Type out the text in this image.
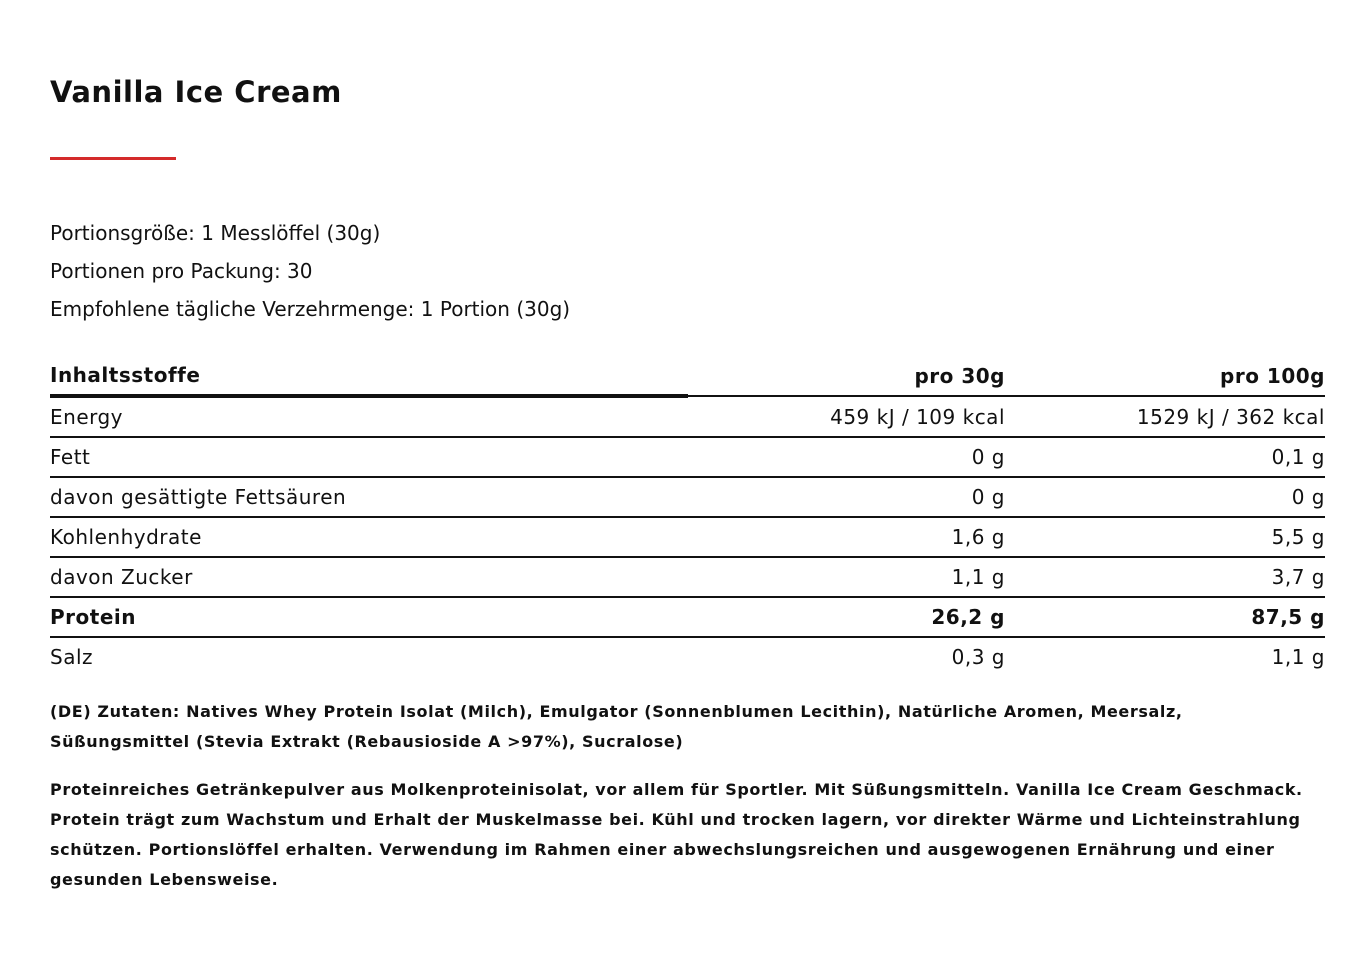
Vanilla Ice Cream
Portionsgröße: 1 Messlöffel (30g)
Portionen pro Packung: 30
Empfohlene tägliche Verzehrmenge: 1 Portion (30g)
Inhaltsstoffe	pro 30g	pro 100g
Energy	459 kJ / 109 kcal	1529 kJ / 362 kcal
Fett	0 g	0,1 g
davon gesättigte Fettsäuren	0 g	0 g
Kohlenhydrate	1,6 g	5,5 g
davon Zucker	1,1 g	3,7 g
Protein	26,2 g	87,5 g
Salz	0,3 g	1,1 g

(DE) Zutaten: Natives Whey Protein Isolat (Milch), Emulgator (Sonnenblumen Lecithin), Natürliche Aromen, Meersalz, Süßungsmittel (Stevia Extrakt (Rebausioside A >97%), Sucralose)

Proteinreiches Getränkepulver aus Molkenproteinisolat, vor allem für Sportler. Mit Süßungsmitteln. Vanilla Ice Cream Geschmack. Protein trägt zum Wachstum und Erhalt der Muskelmasse bei. Kühl und trocken lagern, vor direkter Wärme und Lichteinstrahlung schützen. Portionslöffel erhalten. Verwendung im Rahmen einer abwechslungsreichen und ausgewogenen Ernährung und einer gesunden Lebensweise.
